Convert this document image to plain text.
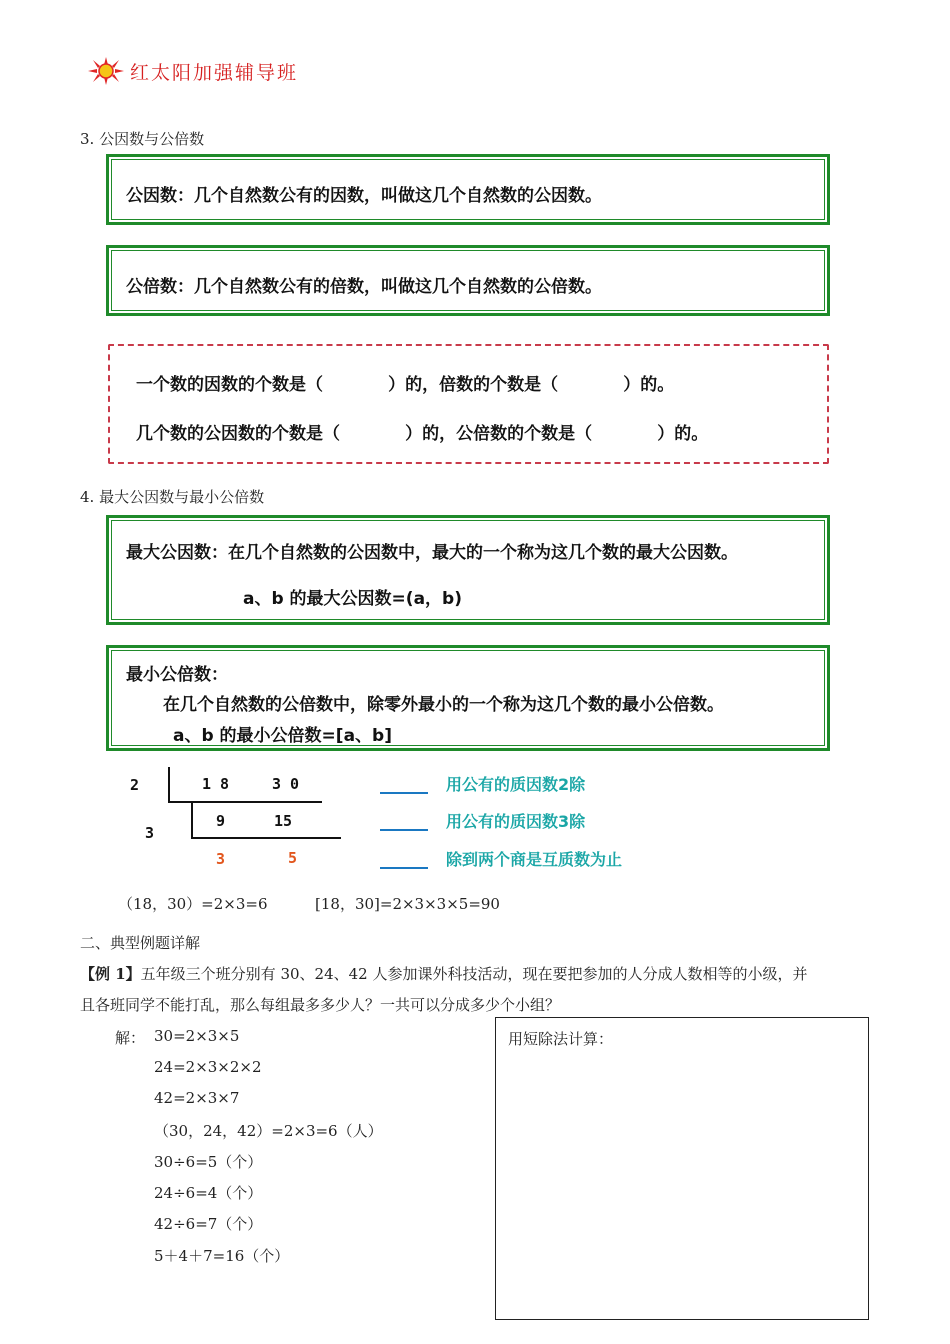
红太阳加强辅导班
3. 公因数与公倍数
公因数：几个自然数公有的因数，叫做这几个自然数的公因数。
公倍数：几个自然数公有的倍数，叫做这几个自然数的公倍数。
一个数的因数的个数是（           ）的，倍数的个数是（           ）的。
几个数的公因数的个数是（           ）的，公倍数的个数是（           ）的。
4. 最大公因数与最小公倍数
最大公因数：在几个自然数的公因数中，最大的一个称为这几个数的最大公因数。
a、b 的最大公因数=(a，b)
最小公倍数：
在几个自然数的公倍数中，除零外最小的一个称为这几个数的最小公倍数。
a、b 的最小公倍数=[a、b]
2
3
1 8	3 0
9	15
3	5
用公有的质因数2除
用公有的质因数3除
除到两个商是互质数为止
（18，30）=2×3=6	[18，30]=2×3×3×5=90
二、典型例题详解
【例 1】五年级三个班分别有 30、24、42 人参加课外科技活动，现在要把参加的人分成人数相等的小级，并
且各班同学不能打乱，那么每组最多多少人？一共可以分成多少个小组？
解： 30=2×3×5
24=2×3×2×2
42=2×3×7
（30，24，42）=2×3=6（人）
30÷6=5（个）
24÷6=4（个）
42÷6=7（个）
5＋4＋7=16（个）
用短除法计算：
